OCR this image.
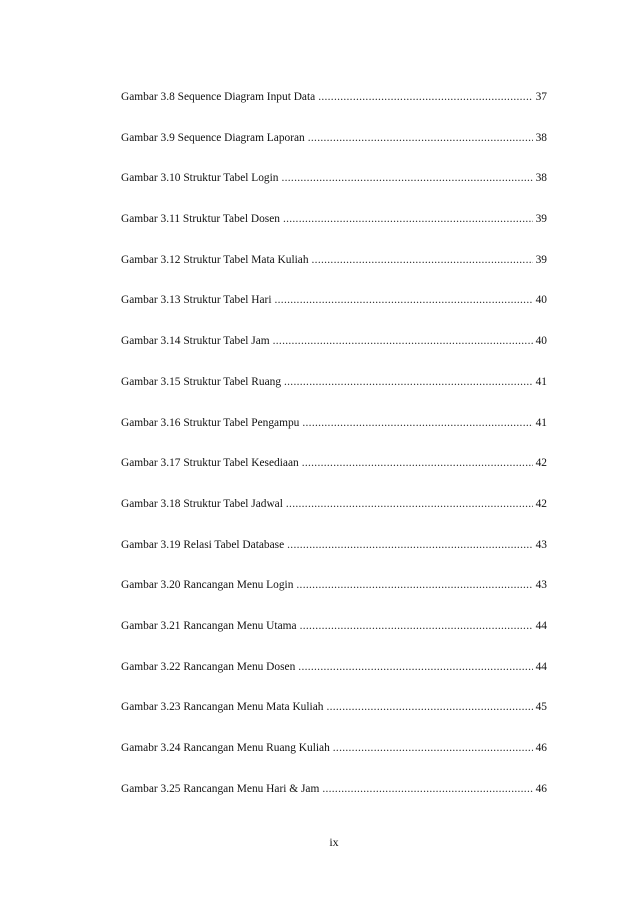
Gambar 3.8 Sequence Diagram Input Data .....	37
Gambar 3.9 Sequence Diagram Laporan .....	38
Gambar 3.10 Struktur Tabel Login .....	38
Gambar 3.11 Struktur Tabel Dosen .....	39
Gambar 3.12 Struktur Tabel Mata Kuliah .....	39
Gambar 3.13 Struktur Tabel Hari .....	40
Gambar 3.14 Struktur Tabel Jam .....	40
Gambar 3.15 Struktur Tabel Ruang .....	41
Gambar 3.16 Struktur Tabel Pengampu .....	41
Gambar 3.17 Struktur Tabel Kesediaan .....	42
Gambar 3.18 Struktur Tabel Jadwal .....	42
Gambar 3.19 Relasi Tabel Database .....	43
Gambar 3.20 Rancangan Menu Login .....	43
Gambar 3.21 Rancangan Menu Utama .....	44
Gambar 3.22 Rancangan Menu Dosen .....	44
Gambar 3.23 Rancangan Menu Mata Kuliah .....	45
Gamabr 3.24 Rancangan Menu Ruang Kuliah .....	46
Gambar 3.25 Rancangan Menu Hari & Jam .....	46
ix
